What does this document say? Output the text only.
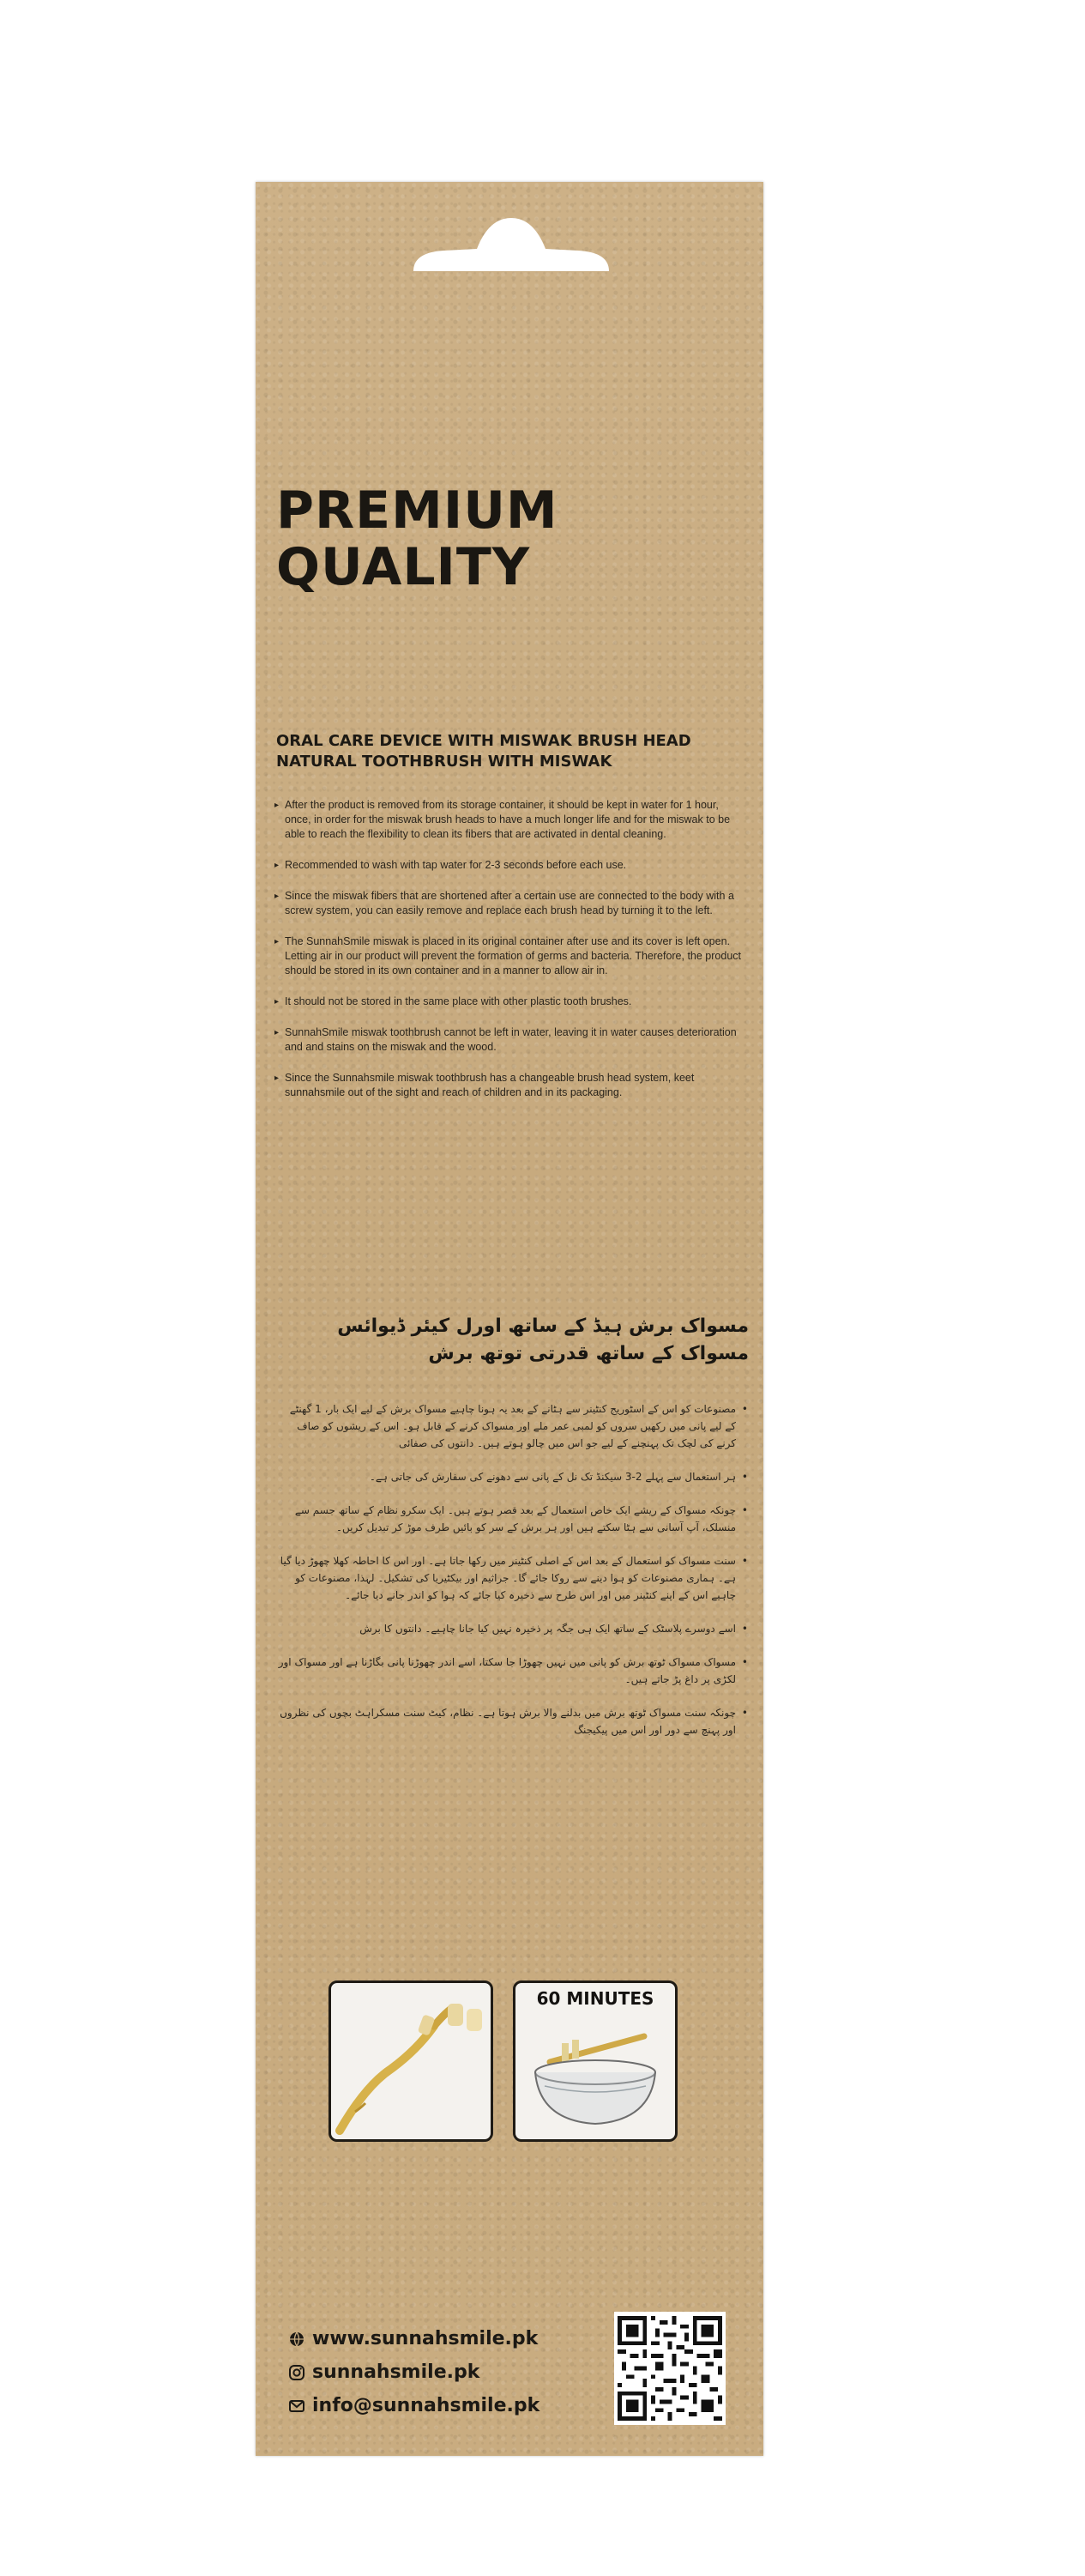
PREMIUM
QUALITY
ORAL CARE DEVICE WITH MISWAK BRUSH HEAD
NATURAL TOOTHBRUSH WITH MISWAK
▸ After the product is removed from its storage container, it should be kept in water for 1 hour, once, in order for the miswak brush heads to have a much longer life and for the miswak to be able to reach the flexibility to clean its fibers that are activated in dental cleaning.
▸ Recommended to wash with tap water for 2-3 seconds before each use.
▸ Since the miswak fibers that are shortened after a certain use are connected to the body with a screw system, you can easily remove and replace each brush head by turning it to the left.
▸ The SunnahSmile miswak is placed in its original container after use and its cover is left open. Letting air in our product will prevent the formation of germs and bacteria. Therefore, the product should be stored in its own container and in a manner to allow air in.
▸ It should not be stored in the same place with other plastic tooth brushes.
▸ SunnahSmile miswak toothbrush cannot be left in water, leaving it in water causes deterioration and and stains on the miswak and the wood.
▸ Since the Sunnahsmile miswak toothbrush has a changeable brush head system, keet sunnahsmile out of the sight and reach of children and in its packaging.
مسواک برش ہیڈ کے ساتھ اورل کیئر ڈیوائس
مسواک کے ساتھ قدرتی توتھ برش
• مصنوعات کو اس کے اسٹوریج کنٹینر سے ہٹانے کے بعد یہ ہونا چاہیے مسواک برش کے لیے ایک بار، 1 گھنٹے کے لیے پانی میں رکھیں سروں کو لمبی عمر ملے اور مسواک کرنے کے قابل ہو۔ اس کے ریشوں کو صاف کرنے کی لچک تک پہنچنے کے لیے جو اس میں چالو ہوتے ہیں۔ دانتوں کی صفائی
• ہر استعمال سے پہلے 2-3 سیکنڈ تک نل کے پانی سے دھونے کی سفارش کی جاتی ہے۔
• چونکہ مسواک کے ریشے ایک خاص استعمال کے بعد قصر ہوتے ہیں۔ ایک سکرو نظام کے ساتھ جسم سے منسلک، آپ آسانی سے ہٹا سکتے ہیں اور ہر برش کے سر کو بائیں طرف موڑ کر تبدیل کریں۔
• سنت مسواک کو استعمال کے بعد اس کے اصلی کنٹینر میں رکھا جاتا ہے۔ اور اس کا احاطہ کھلا چھوڑ دیا گیا ہے۔ ہماری مصنوعات کو ہوا دینے سے روکا جائے گا۔ جراثیم اور بیکٹیریا کی تشکیل۔ لہذا، مصنوعات کو چاہیے اس کے اپنے کنٹینر میں اور اس طرح سے ذخیرہ کیا جائے کہ ہوا کو اندر جانے دیا جائے۔
• اسے دوسرے پلاسٹک کے ساتھ ایک ہی جگہ پر ذخیرہ نہیں کیا جانا چاہیے۔ دانتوں کا برش
• مسواک مسواک ٹوتھ برش کو پانی میں نہیں چھوڑا جا سکتا، اسے اندر چھوڑنا پانی بگاڑنا ہے اور مسواک اور لکڑی پر داغ پڑ جاتے ہیں۔
• چونکہ سنت مسواک ٹوتھ برش میں بدلنے والا برش ہوتا ہے۔ نظام، کیٹ سنت مسکراہٹ بچوں کی نظروں اور پہنچ سے دور اور اس میں پیکیجنگ
60 MINUTES
www.sunnahsmile.pk
sunnahsmile.pk
info@sunnahsmile.pk
